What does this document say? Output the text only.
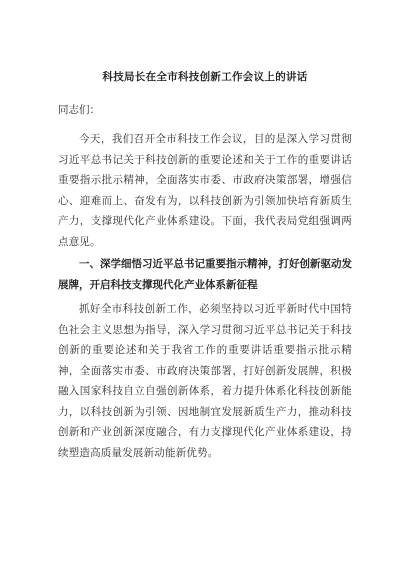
科技局长在全市科技创新工作会议上的讲话

同志们：

今天，我们召开全市科技工作会议，目的是深入学习贯彻习近平总书记关于科技创新的重要论述和关于工作的重要讲话重要指示批示精神，全面落实市委、市政府决策部署，增强信心、迎难而上、奋发有为，以科技创新为引领加快培育新质生产力，支撑现代化产业体系建设。下面，我代表局党组强调两点意见。

一、深学细悟习近平总书记重要指示精神，打好创新驱动发展牌，开启科技支撑现代化产业体系新征程

抓好全市科技创新工作，必须坚持以习近平新时代中国特色社会主义思想为指导，深入学习贯彻习近平总书记关于科技创新的重要论述和关于我省工作的重要讲话重要指示批示精神，全面落实市委、市政府决策部署，打好创新发展牌，积极融入国家科技自立自强创新体系，着力提升体系化科技创新能力，以科技创新为引领、因地制宜发展新质生产力，推动科技创新和产业创新深度融合，有力支撑现代化产业体系建设，持续塑造高质量发展新动能新优势。
